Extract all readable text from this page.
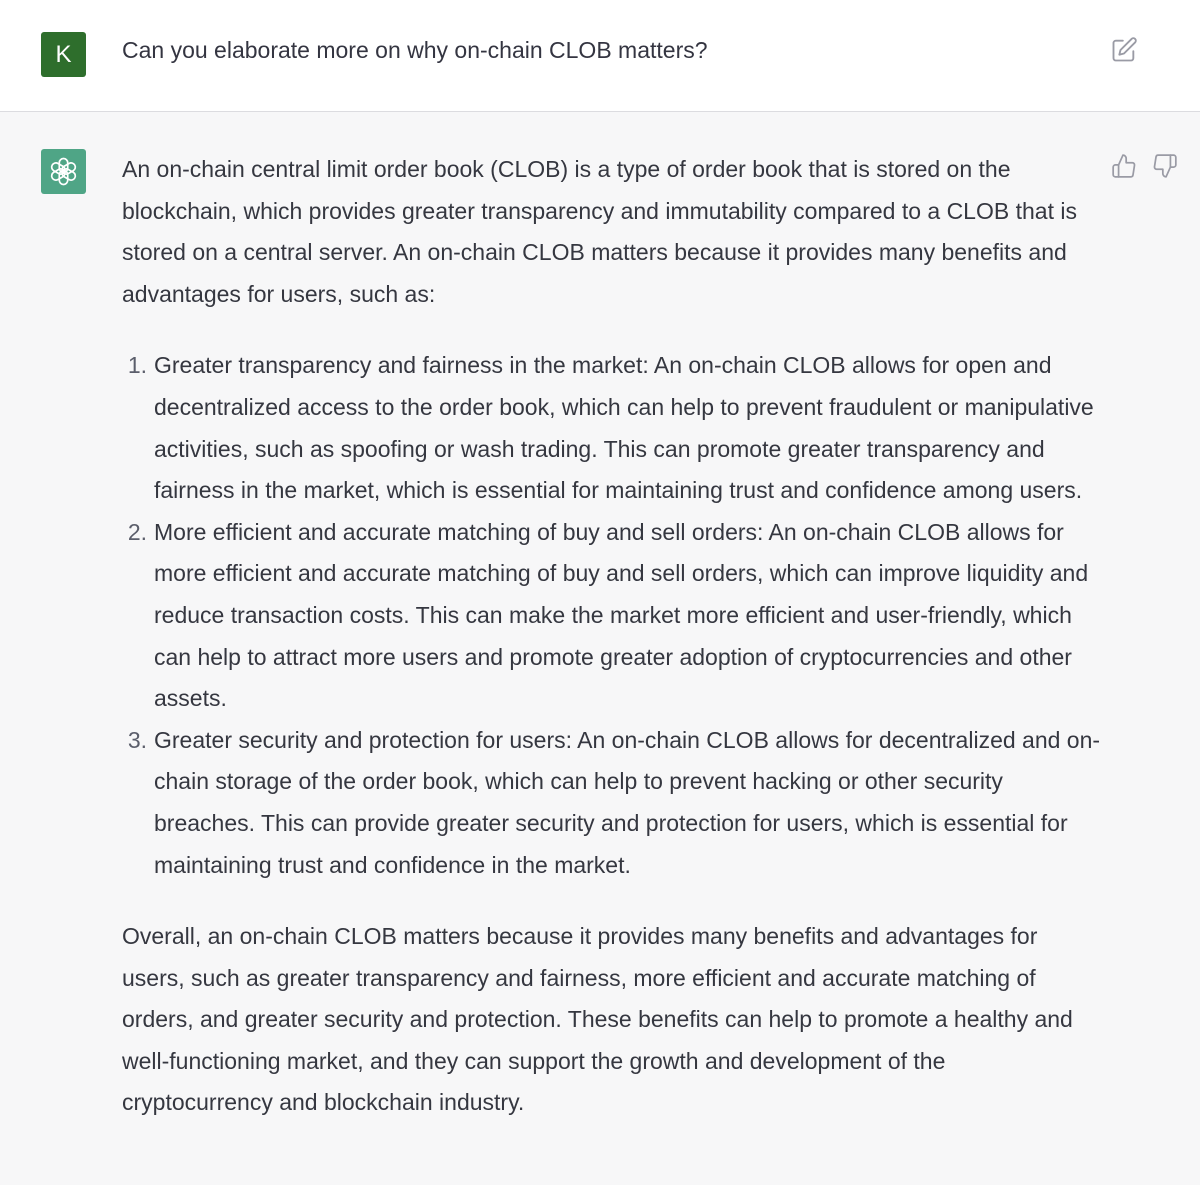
K	Can you elaborate more on why on-chain CLOB matters?

An on-chain central limit order book (CLOB) is a type of order book that is stored on the blockchain, which provides greater transparency and immutability compared to a CLOB that is stored on a central server. An on-chain CLOB matters because it provides many benefits and advantages for users, such as:

1. Greater transparency and fairness in the market: An on-chain CLOB allows for open and decentralized access to the order book, which can help to prevent fraudulent or manipulative activities, such as spoofing or wash trading. This can promote greater transparency and fairness in the market, which is essential for maintaining trust and confidence among users.
2. More efficient and accurate matching of buy and sell orders: An on-chain CLOB allows for more efficient and accurate matching of buy and sell orders, which can improve liquidity and reduce transaction costs. This can make the market more efficient and user-friendly, which can help to attract more users and promote greater adoption of cryptocurrencies and other assets.
3. Greater security and protection for users: An on-chain CLOB allows for decentralized and on-chain storage of the order book, which can help to prevent hacking or other security breaches. This can provide greater security and protection for users, which is essential for maintaining trust and confidence in the market.

Overall, an on-chain CLOB matters because it provides many benefits and advantages for users, such as greater transparency and fairness, more efficient and accurate matching of orders, and greater security and protection. These benefits can help to promote a healthy and well-functioning market, and they can support the growth and development of the cryptocurrency and blockchain industry.
